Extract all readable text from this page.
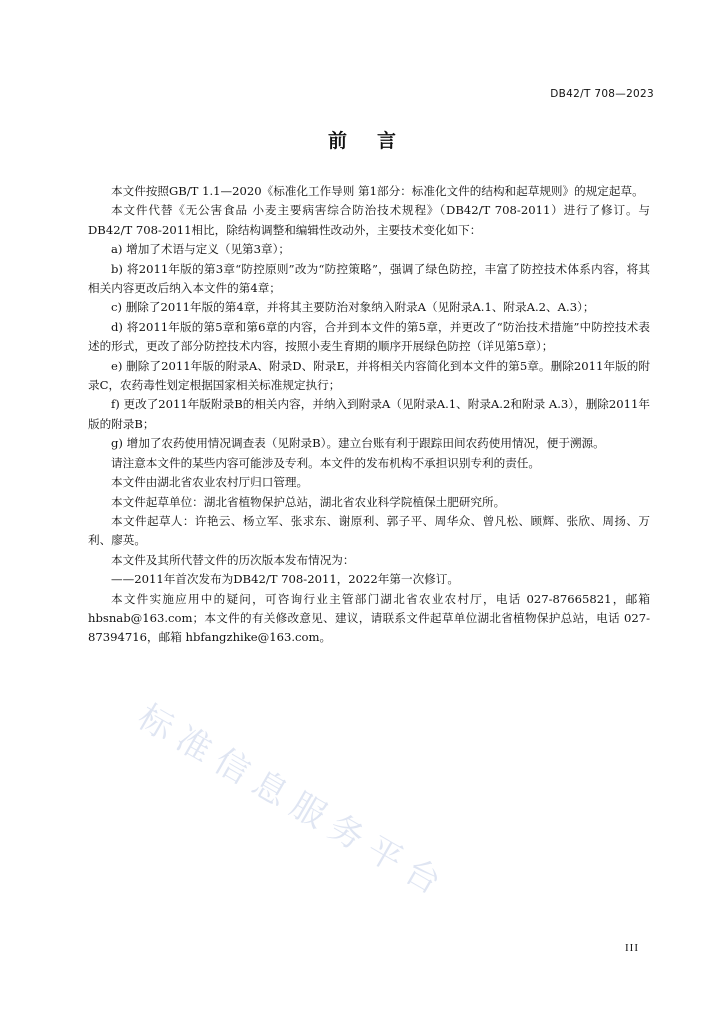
DB42/T 708—2023
前言

本文件按照GB/T 1.1—2020《标准化工作导则 第1部分：标准化文件的结构和起草规则》的规定起草。

本文件代替《无公害食品 小麦主要病害综合防治技术规程》（DB42/T 708-2011）进行了修订。与DB42/T 708-2011相比，除结构调整和编辑性改动外，主要技术变化如下：

a) 增加了术语与定义（见第3章）；

b) 将2011年版的第3章“防控原则”改为“防控策略”，强调了绿色防控，丰富了防控技术体系内容，将其相关内容更改后纳入本文件的第4章；

c) 删除了2011年版的第4章，并将其主要防治对象纳入附录A（见附录A.1、附录A.2、A.3）；

d) 将2011年版的第5章和第6章的内容，合并到本文件的第5章，并更改了“防治技术措施”中防控技术表述的形式，更改了部分防控技术内容，按照小麦生育期的顺序开展绿色防控（详见第5章）；

e) 删除了2011年版的附录A、附录D、附录E，并将相关内容简化到本文件的第5章。删除2011年版的附录C，农药毒性划定根据国家相关标准规定执行；

f) 更改了2011年版附录B的相关内容，并纳入到附录A（见附录A.1、附录A.2和附录 A.3），删除2011年版的附录B；

g) 增加了农药使用情况调查表（见附录B）。建立台账有利于跟踪田间农药使用情况，便于溯源。

请注意本文件的某些内容可能涉及专利。本文件的发布机构不承担识别专利的责任。

本文件由湖北省农业农村厅归口管理。

本文件起草单位：湖北省植物保护总站，湖北省农业科学院植保土肥研究所。

本文件起草人：许艳云、杨立军、张求东、谢原利、郭子平、周华众、曾凡松、顾辉、张欣、周扬、万利、廖英。

本文件及其所代替文件的历次版本发布情况为：

——2011年首次发布为DB42/T 708-2011，2022年第一次修订。

本文件实施应用中的疑问，可咨询行业主管部门湖北省农业农村厅，电话 027-87665821，邮箱hbsnab@163.com；本文件的有关修改意见、建议，请联系文件起草单位湖北省植物保护总站，电话 027-87394716，邮箱 hbfangzhike@163.com。

标准信息服务平台
III
